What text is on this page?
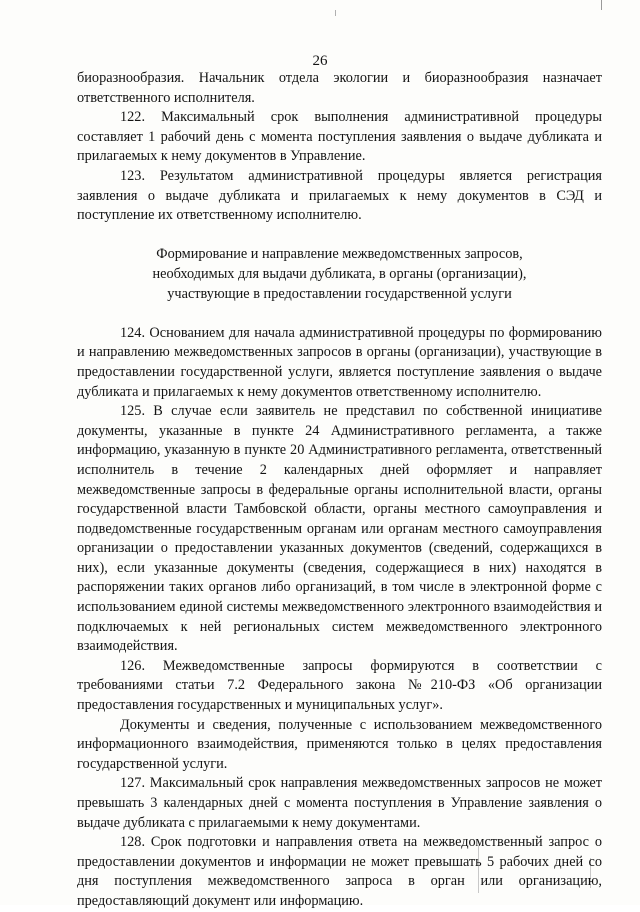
26

биоразнообразия. Начальник отдела экологии и биоразнообразия назначает ответственного исполнителя.

122. Максимальный срок выполнения административной процедуры составляет 1 рабочий день с момента поступления заявления о выдаче дубликата и прилагаемых к нему документов в Управление.

123. Результатом административной процедуры является регистрация заявления о выдаче дубликата и прилагаемых к нему документов в СЭД и поступление их ответственному исполнителю.

Формирование и направление межведомственных запросов,
необходимых для выдачи дубликата, в органы (организации),
участвующие в предоставлении государственной услуги

124. Основанием для начала административной процедуры по формированию и направлению межведомственных запросов в органы (организации), участвующие в предоставлении государственной услуги, является поступление заявления о выдаче дубликата и прилагаемых к нему документов ответственному исполнителю.

125. В случае если заявитель не представил по собственной инициативе документы, указанные в пункте 24 Административного регламента, а также информацию, указанную в пункте 20 Административного регламента, ответственный исполнитель в течение 2 календарных дней оформляет и направляет межведомственные запросы в федеральные органы исполнительной власти, органы государственной власти Тамбовской области, органы местного самоуправления и подведомственные государственным органам или органам местного самоуправления организации о предоставлении указанных документов (сведений, содержащихся в них), если указанные документы (сведения, содержащиеся в них) находятся в распоряжении таких органов либо организаций, в том числе в электронной форме с использованием единой системы межведомственного электронного взаимодействия и подключаемых к ней региональных систем межведомственного электронного взаимодействия.

126. Межведомственные запросы формируются в соответствии с требованиями статьи 7.2 Федерального закона №210-ФЗ «Об организации предоставления государственных и муниципальных услуг».

Документы и сведения, полученные с использованием межведомственного информационного взаимодействия, применяются только в целях предоставления государственной услуги.

127. Максимальный срок направления межведомственных запросов не может превышать 3 календарных дней с момента поступления в Управление заявления о выдаче дубликата с прилагаемыми к нему документами.

128. Срок подготовки и направления ответа на межведомственный запрос о предоставлении документов и информации не может превышать 5 рабочих дней со дня поступления межведомственного запроса в орган или организацию, предоставляющий документ или информацию.
